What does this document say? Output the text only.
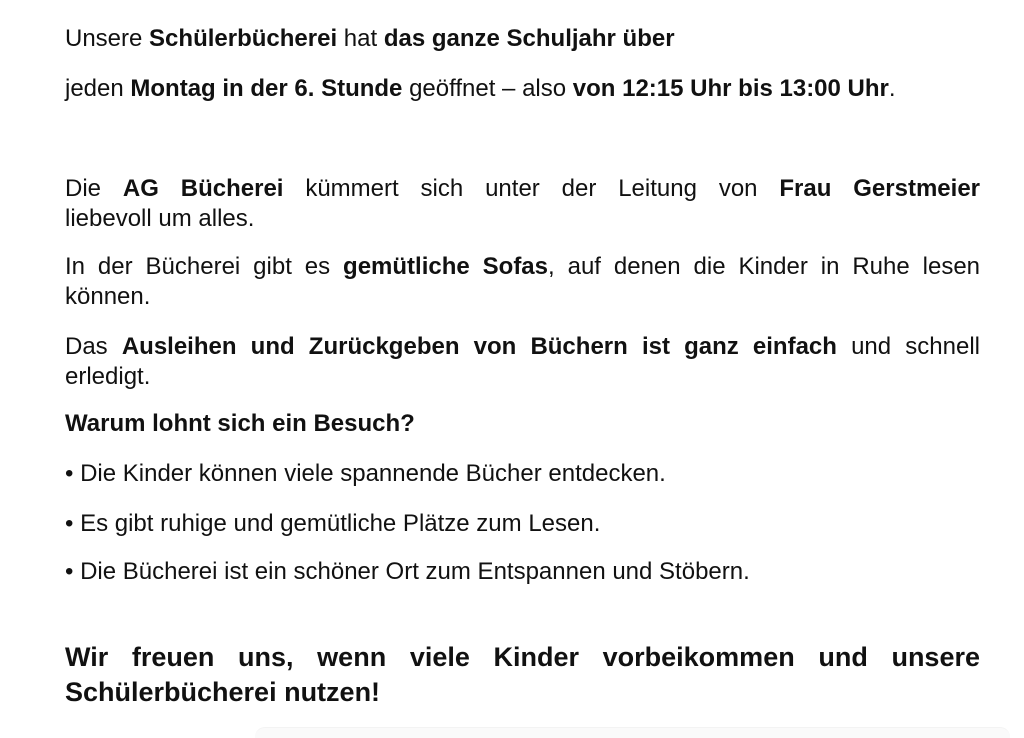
Unsere Schülerbücherei hat das ganze Schuljahr über

jeden Montag in der 6. Stunde geöffnet – also von 12:15 Uhr bis 13:00 Uhr.

Die AG Bücherei kümmert sich unter der Leitung von Frau Gerstmeier
liebevoll um alles.

In der Bücherei gibt es gemütliche Sofas, auf denen die Kinder in Ruhe lesen
können.

Das Ausleihen und Zurückgeben von Büchern ist ganz einfach und schnell
erledigt.

Warum lohnt sich ein Besuch?

• Die Kinder können viele spannende Bücher entdecken.

• Es gibt ruhige und gemütliche Plätze zum Lesen.

• Die Bücherei ist ein schöner Ort zum Entspannen und Stöbern.

Wir freuen uns, wenn viele Kinder vorbeikommen und unsere
Schülerbücherei nutzen!
